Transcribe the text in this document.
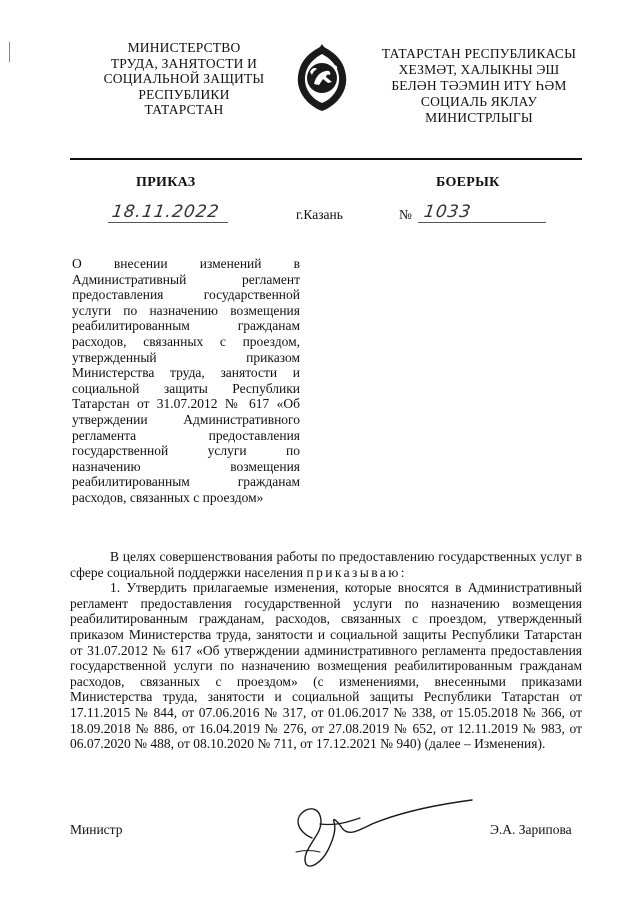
МИНИСТЕРСТВО
ТРУДА, ЗАНЯТОСТИ И
СОЦИАЛЬНОЙ ЗАЩИТЫ
РЕСПУБЛИКИ
ТАТАРСТАН
ТАТАРСТАН РЕСПУБЛИКАСЫ
ХЕЗМӘТ, ХАЛЫКНЫ ЭШ
БЕЛӘН ТӘЭМИН ИТҮ ҺӘМ
СОЦИАЛЬ ЯКЛАУ
МИНИСТРЛЫГЫ
ПРИКАЗ	БОЕРЫК
18.11.2022	г.Казань	№ 1033
О внесении изменений в
Административный регламент
предоставления государственной
услуги по назначению возмещения
реабилитированным гражданам
расходов, связанных с проездом,
утвержденный приказом
Министерства труда, занятости и
социальной защиты Республики
Татарстан от 31.07.2012 № 617 «Об
утверждении Административного
регламента предоставления
государственной услуги по
назначению возмещения
реабилитированным гражданам
расходов, связанных с проездом»

В целях совершенствования работы по предоставлению государственных услуг в сфере социальной поддержки населения приказываю:

1. Утвердить прилагаемые изменения, которые вносятся в Административный регламент предоставления государственной услуги по назначению возмещения реабилитированным гражданам, расходов, связанных с проездом, утвержденный приказом Министерства труда, занятости и социальной защиты Республики Татарстан от 31.07.2012 № 617 «Об утверждении административного регламента предоставления государственной услуги по назначению возмещения реабилитированным гражданам расходов, связанных с проездом» (с изменениями, внесенными приказами Министерства труда, занятости и социальной защиты Республики Татарстан от 17.11.2015 № 844, от 07.06.2016 № 317, от 01.06.2017 № 338, от 15.05.2018 № 366, от 18.09.2018 № 886, от 16.04.2019 № 276, от 27.08.2019 № 652, от 12.11.2019 № 983, от 06.07.2020 № 488, от 08.10.2020 № 711, от 17.12.2021 № 940) (далее – Изменения).

Министр	Э.А. Зарипова
